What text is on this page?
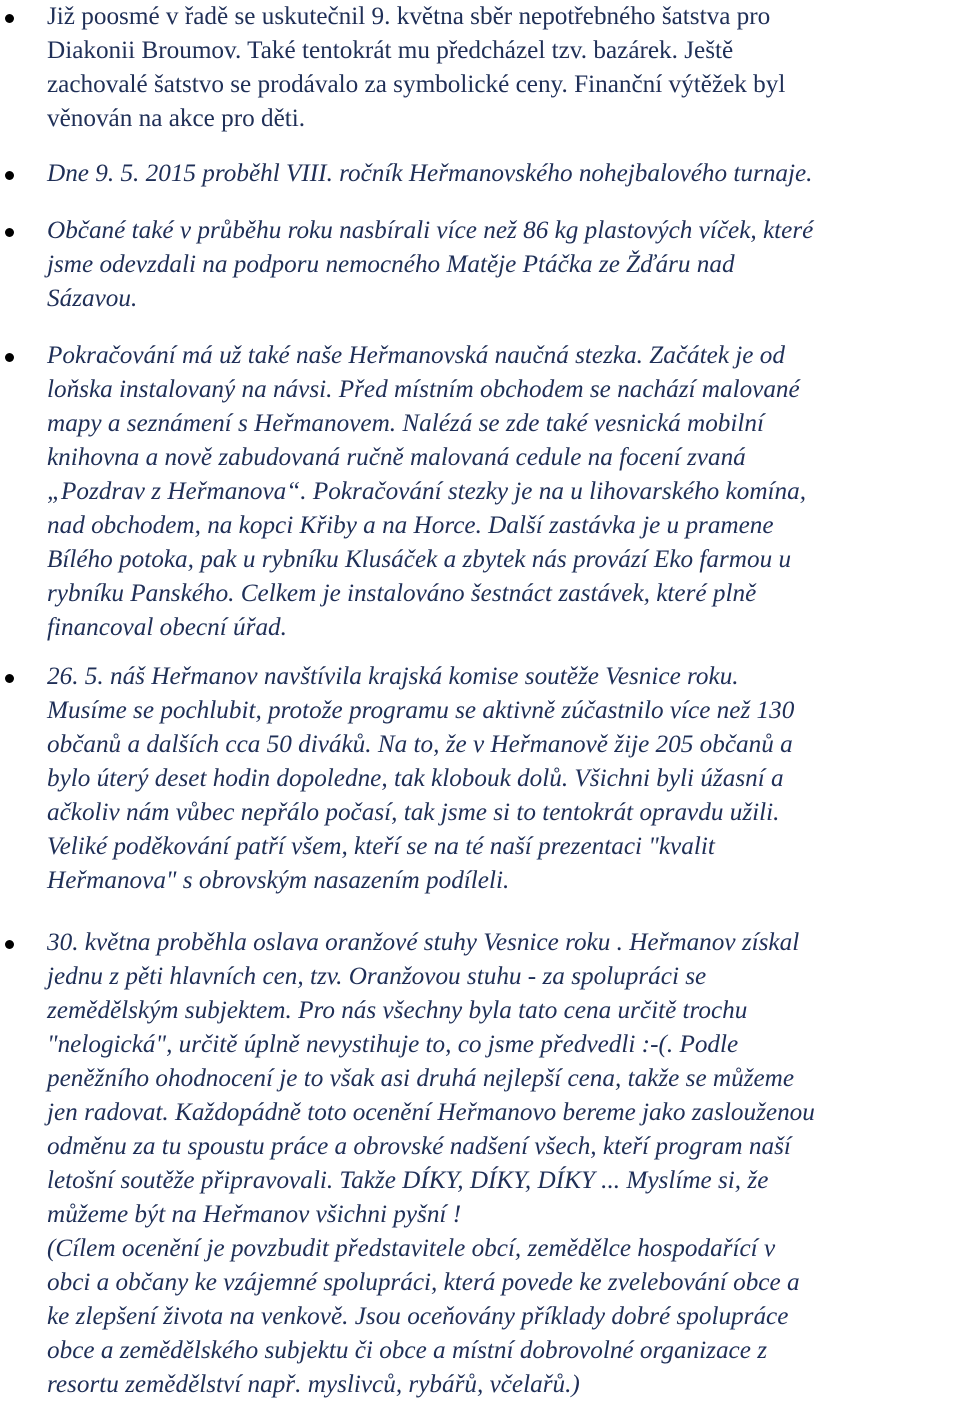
Již poosmé v řadě se uskutečnil 9. května sběr nepotřebného šatstva pro
Diakonii Broumov. Také tentokrát mu předcházel tzv. bazárek. Ještě
zachovalé šatstvo se prodávalo za symbolické ceny. Finanční výtěžek byl
věnován na akce pro děti.

Dne 9. 5. 2015 proběhl VIII. ročník Heřmanovského nohejbalového turnaje.

Občané také v průběhu roku nasbírali více než 86 kg plastových víček, které
jsme odevzdali na podporu nemocného Matěje Ptáčka ze Žďáru nad
Sázavou.

Pokračování má už také naše Heřmanovská naučná stezka. Začátek je od
loňska instalovaný na návsi. Před místním obchodem se nachází malované
mapy a seznámení s Heřmanovem. Nalézá se zde také vesnická mobilní
knihovna a nově zabudovaná ručně malovaná cedule na focení zvaná
„Pozdrav z Heřmanova“. Pokračování stezky je na u lihovarského komína,
nad obchodem, na kopci Křiby a na Horce. Další zastávka je u pramene
Bílého potoka, pak u rybníku Klusáček a zbytek nás provází Eko farmou u
rybníku Panského. Celkem je instalováno šestnáct zastávek, které plně
financoval obecní úřad.

26. 5. náš Heřmanov navštívila krajská komise soutěže Vesnice roku.
Musíme se pochlubit, protože programu se aktivně zúčastnilo více než 130
občanů a dalších cca 50 diváků. Na to, že v Heřmanově žije 205 občanů a
bylo úterý deset hodin dopoledne, tak klobouk dolů. Všichni byli úžasní a
ačkoliv nám vůbec nepřálo počasí, tak jsme si to tentokrát opravdu užili.
Veliké poděkování patří všem, kteří se na té naší prezentaci "kvalit
Heřmanova" s obrovským nasazením podíleli.

30. května proběhla oslava oranžové stuhy Vesnice roku . Heřmanov získal
jednu z pěti hlavních cen, tzv. Oranžovou stuhu - za spolupráci se
zemědělským subjektem. Pro nás všechny byla tato cena určitě trochu
"nelogická", určitě úplně nevystihuje to, co jsme předvedli :-(. Podle
peněžního ohodnocení je to však asi druhá nejlepší cena, takže se můžeme
jen radovat. Každopádně toto ocenění Heřmanovo bereme jako zaslouženou
odměnu za tu spoustu práce a obrovské nadšení všech, kteří program naší
letošní soutěže připravovali. Takže DÍKY, DÍKY, DÍKY ... Myslíme si, že
můžeme být na Heřmanov všichni pyšní !
(Cílem ocenění je povzbudit představitele obcí, zemědělce hospodařící v
obci a občany ke vzájemné spolupráci, která povede ke zvelebování obce a
ke zlepšení života na venkově. Jsou oceňovány příklady dobré spolupráce
obce a zemědělského subjektu či obce a místní dobrovolné organizace z
resortu zemědělství např. myslivců, rybářů, včelařů.)
